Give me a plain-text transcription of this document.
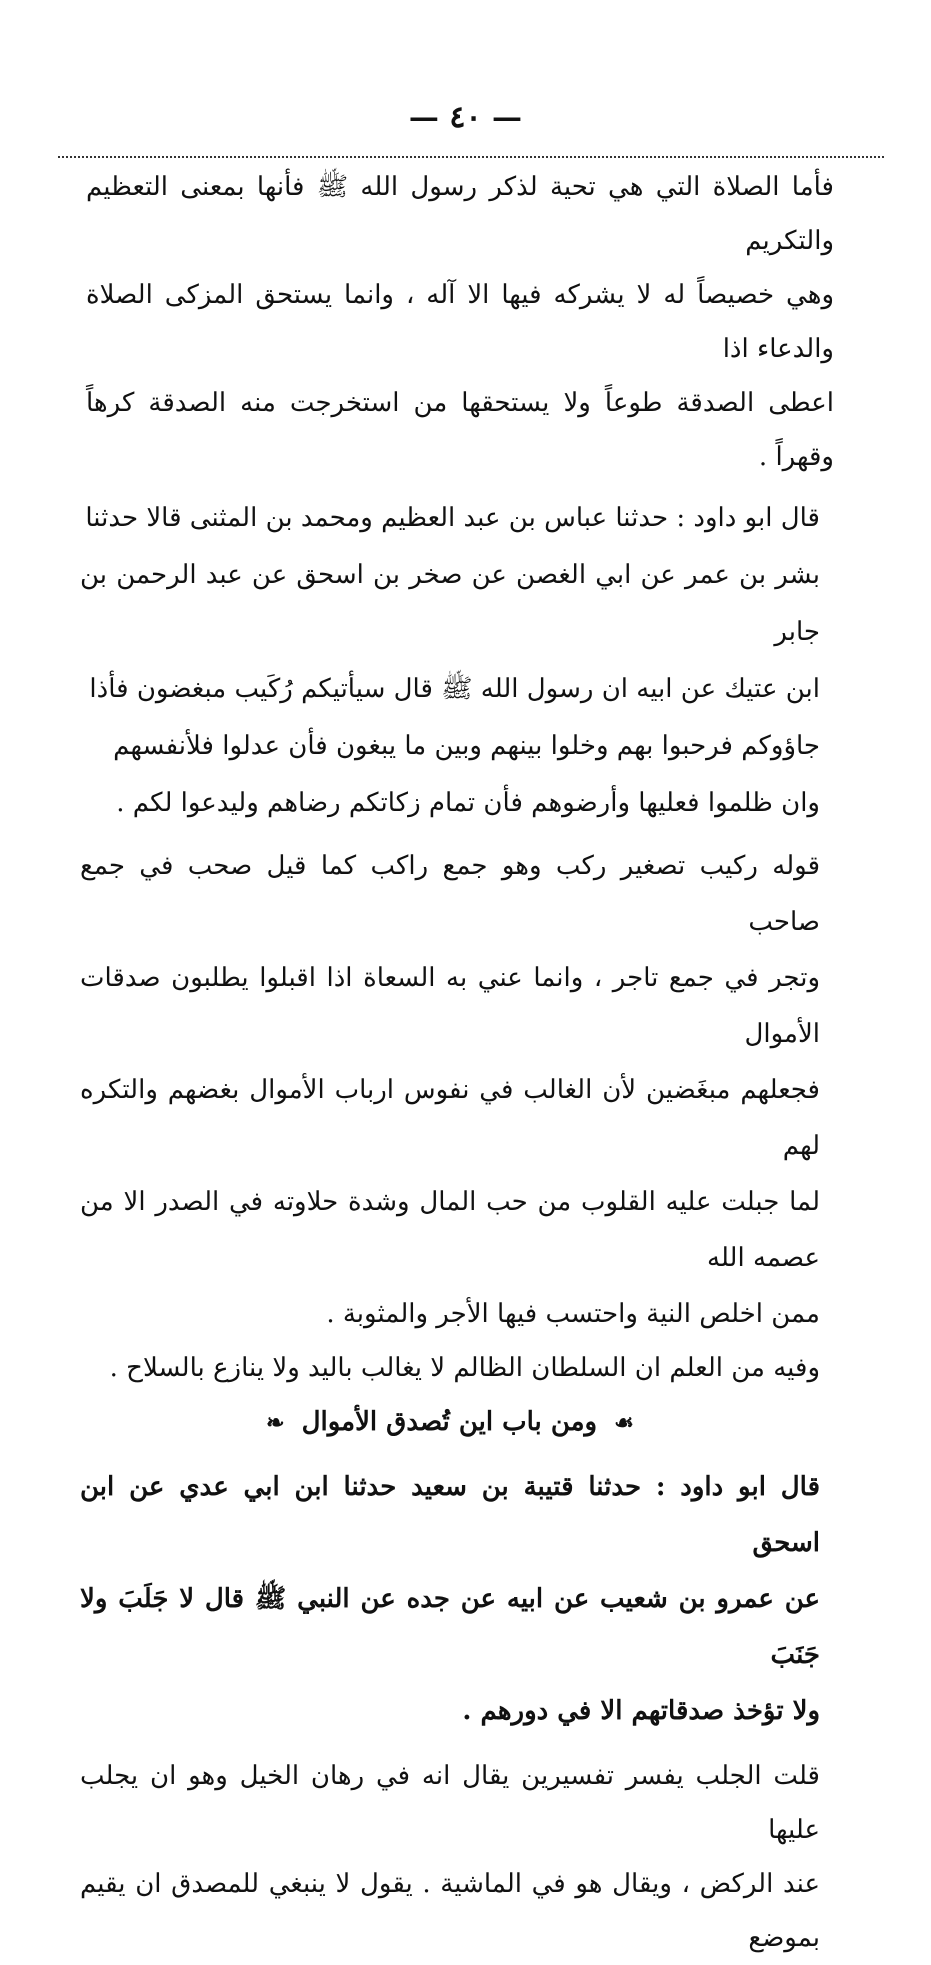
— ٤٠ —

فأما الصلاة التي هي تحية لذكر رسول الله ﷺ فأنها بمعنى التعظيم والتكريم
وهي خصيصاً له لا يشركه فيها الا آله ، وانما يستحق المزكى الصلاة والدعاء اذا
اعطى الصدقة طوعاً ولا يستحقها من استخرجت منه الصدقة كرهاً وقهراً .

قال ابو داود : حدثنا عباس بن عبد العظيم ومحمد بن المثنى قالا حدثنا
بشر بن عمر عن ابي الغصن عن صخر بن اسحق عن عبد الرحمن بن جابر
ابن عتيك عن ابيه ان رسول الله ﷺ قال سيأتيكم رُكَيب مبغضون فأذا
جاؤوكم فرحبوا بهم وخلوا بينهم وبين ما يبغون فأن عدلوا فلأنفسهم
وان ظلموا فعليها وأرضوهم فأن تمام زكاتكم رضاهم وليدعوا لكم .

قوله ركيب تصغير ركب وهو جمع راكب كما قيل صحب في جمع صاحب
وتجر في جمع تاجر ، وانما عني به السعاة اذا اقبلوا يطلبون صدقات الأموال
فجعلهم مبغَضين لأن الغالب في نفوس ارباب الأموال بغضهم والتكره لهم
لما جبلت عليه القلوب من حب المال وشدة حلاوته في الصدر الا من عصمه الله
ممن اخلص النية واحتسب فيها الأجر والمثوبة .

وفيه من العلم ان السلطان الظالم لا يغالب باليد ولا ينازع بالسلاح .

☙ ومن باب اين تُصدق الأموال ❧

قال ابو داود : حدثنا قتيبة بن سعيد حدثنا ابن ابي عدي عن ابن اسحق
عن عمرو بن شعيب عن ابيه عن جده عن النبي ﷺ قال لا جَلَبَ ولا جَنَبَ
ولا تؤخذ صدقاتهم الا في دورهم .

قلت الجلب يفسر تفسيرين يقال انه في رهان الخيل وهو ان يجلب عليها
عند الركض ، ويقال هو في الماشية . يقول لا ينبغي للمصدق ان يقيم بموضع
